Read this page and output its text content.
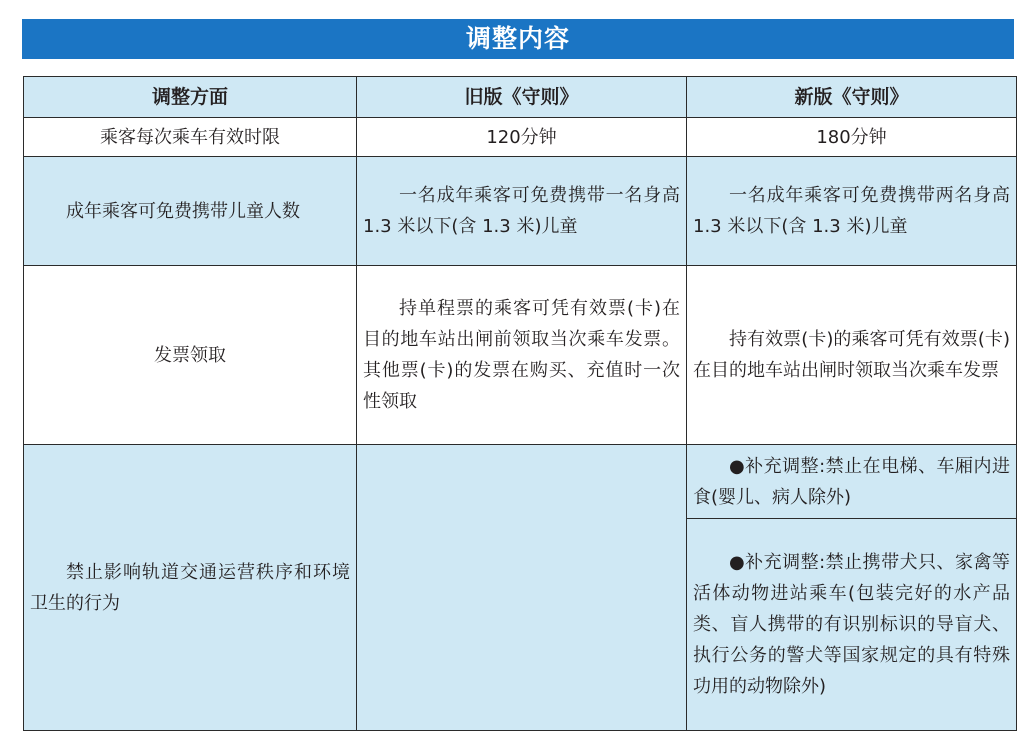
调整内容
调整方面	旧版《守则》	新版《守则》
乘客每次乘车有效时限	120分钟	180分钟
成年乘客可免费携带儿童人数	一名成年乘客可免费携带一名身高 1.3 米以下(含 1.3 米)儿童	一名成年乘客可免费携带两名身高 1.3 米以下(含 1.3 米)儿童
发票领取	持单程票的乘客可凭有效票(卡)在目的地车站出闸前领取当次乘车发票。其他票(卡)的发票在购买、充值时一次性领取	持有效票(卡)的乘客可凭有效票(卡)在目的地车站出闸时领取当次乘车发票
禁止影响轨道交通运营秩序和环境卫生的行为		●补充调整:禁止在电梯、车厢内进食(婴儿、病人除外)
		●补充调整:禁止携带犬只、家禽等活体动物进站乘车(包装完好的水产品类、盲人携带的有识别标识的导盲犬、执行公务的警犬等国家规定的具有特殊功用的动物除外)
